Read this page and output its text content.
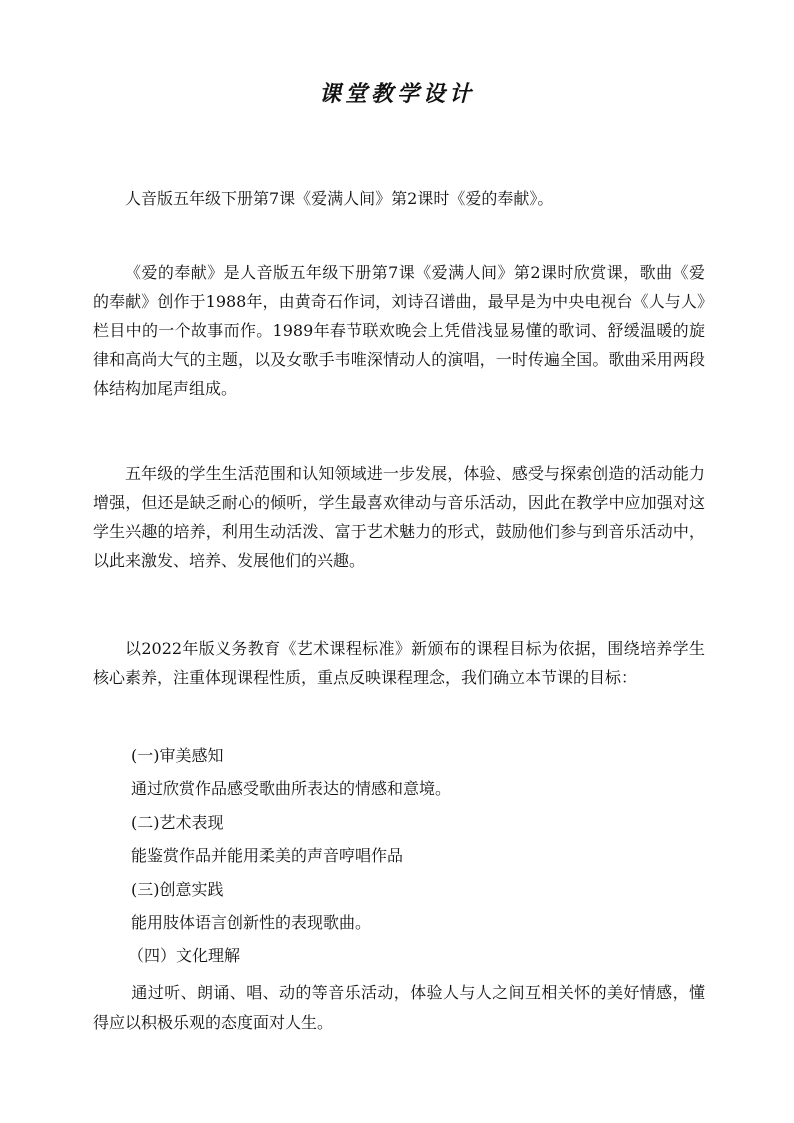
课堂教学设计

人音版五年级下册第7课《爱满人间》第2课时《爱的奉献》。

《爱的奉献》是人音版五年级下册第7课《爱满人间》第2课时欣赏课，歌曲《爱的奉献》创作于1988年，由黄奇石作词，刘诗召谱曲，最早是为中央电视台《人与人》栏目中的一个故事而作。1989年春节联欢晚会上凭借浅显易懂的歌词、舒缓温暖的旋律和高尚大气的主题，以及女歌手韦唯深情动人的演唱，一时传遍全国。歌曲采用两段体结构加尾声组成。

五年级的学生生活范围和认知领域进一步发展，体验、感受与探索创造的活动能力增强，但还是缺乏耐心的倾听，学生最喜欢律动与音乐活动，因此在教学中应加强对这学生兴趣的培养，利用生动活泼、富于艺术魅力的形式，鼓励他们参与到音乐活动中，以此来激发、培养、发展他们的兴趣。

以2022年版义务教育《艺术课程标准》新颁布的课程目标为依据，围绕培养学生核心素养，注重体现课程性质，重点反映课程理念，我们确立本节课的目标：

(一)审美感知

通过欣赏作品感受歌曲所表达的情感和意境。

(二)艺术表现

能鉴赏作品并能用柔美的声音哼唱作品

(三)创意实践

能用肢体语言创新性的表现歌曲。

（四）文化理解

通过听、朗诵、唱、动的等音乐活动，体验人与人之间互相关怀的美好情感，懂得应以积极乐观的态度面对人生。
